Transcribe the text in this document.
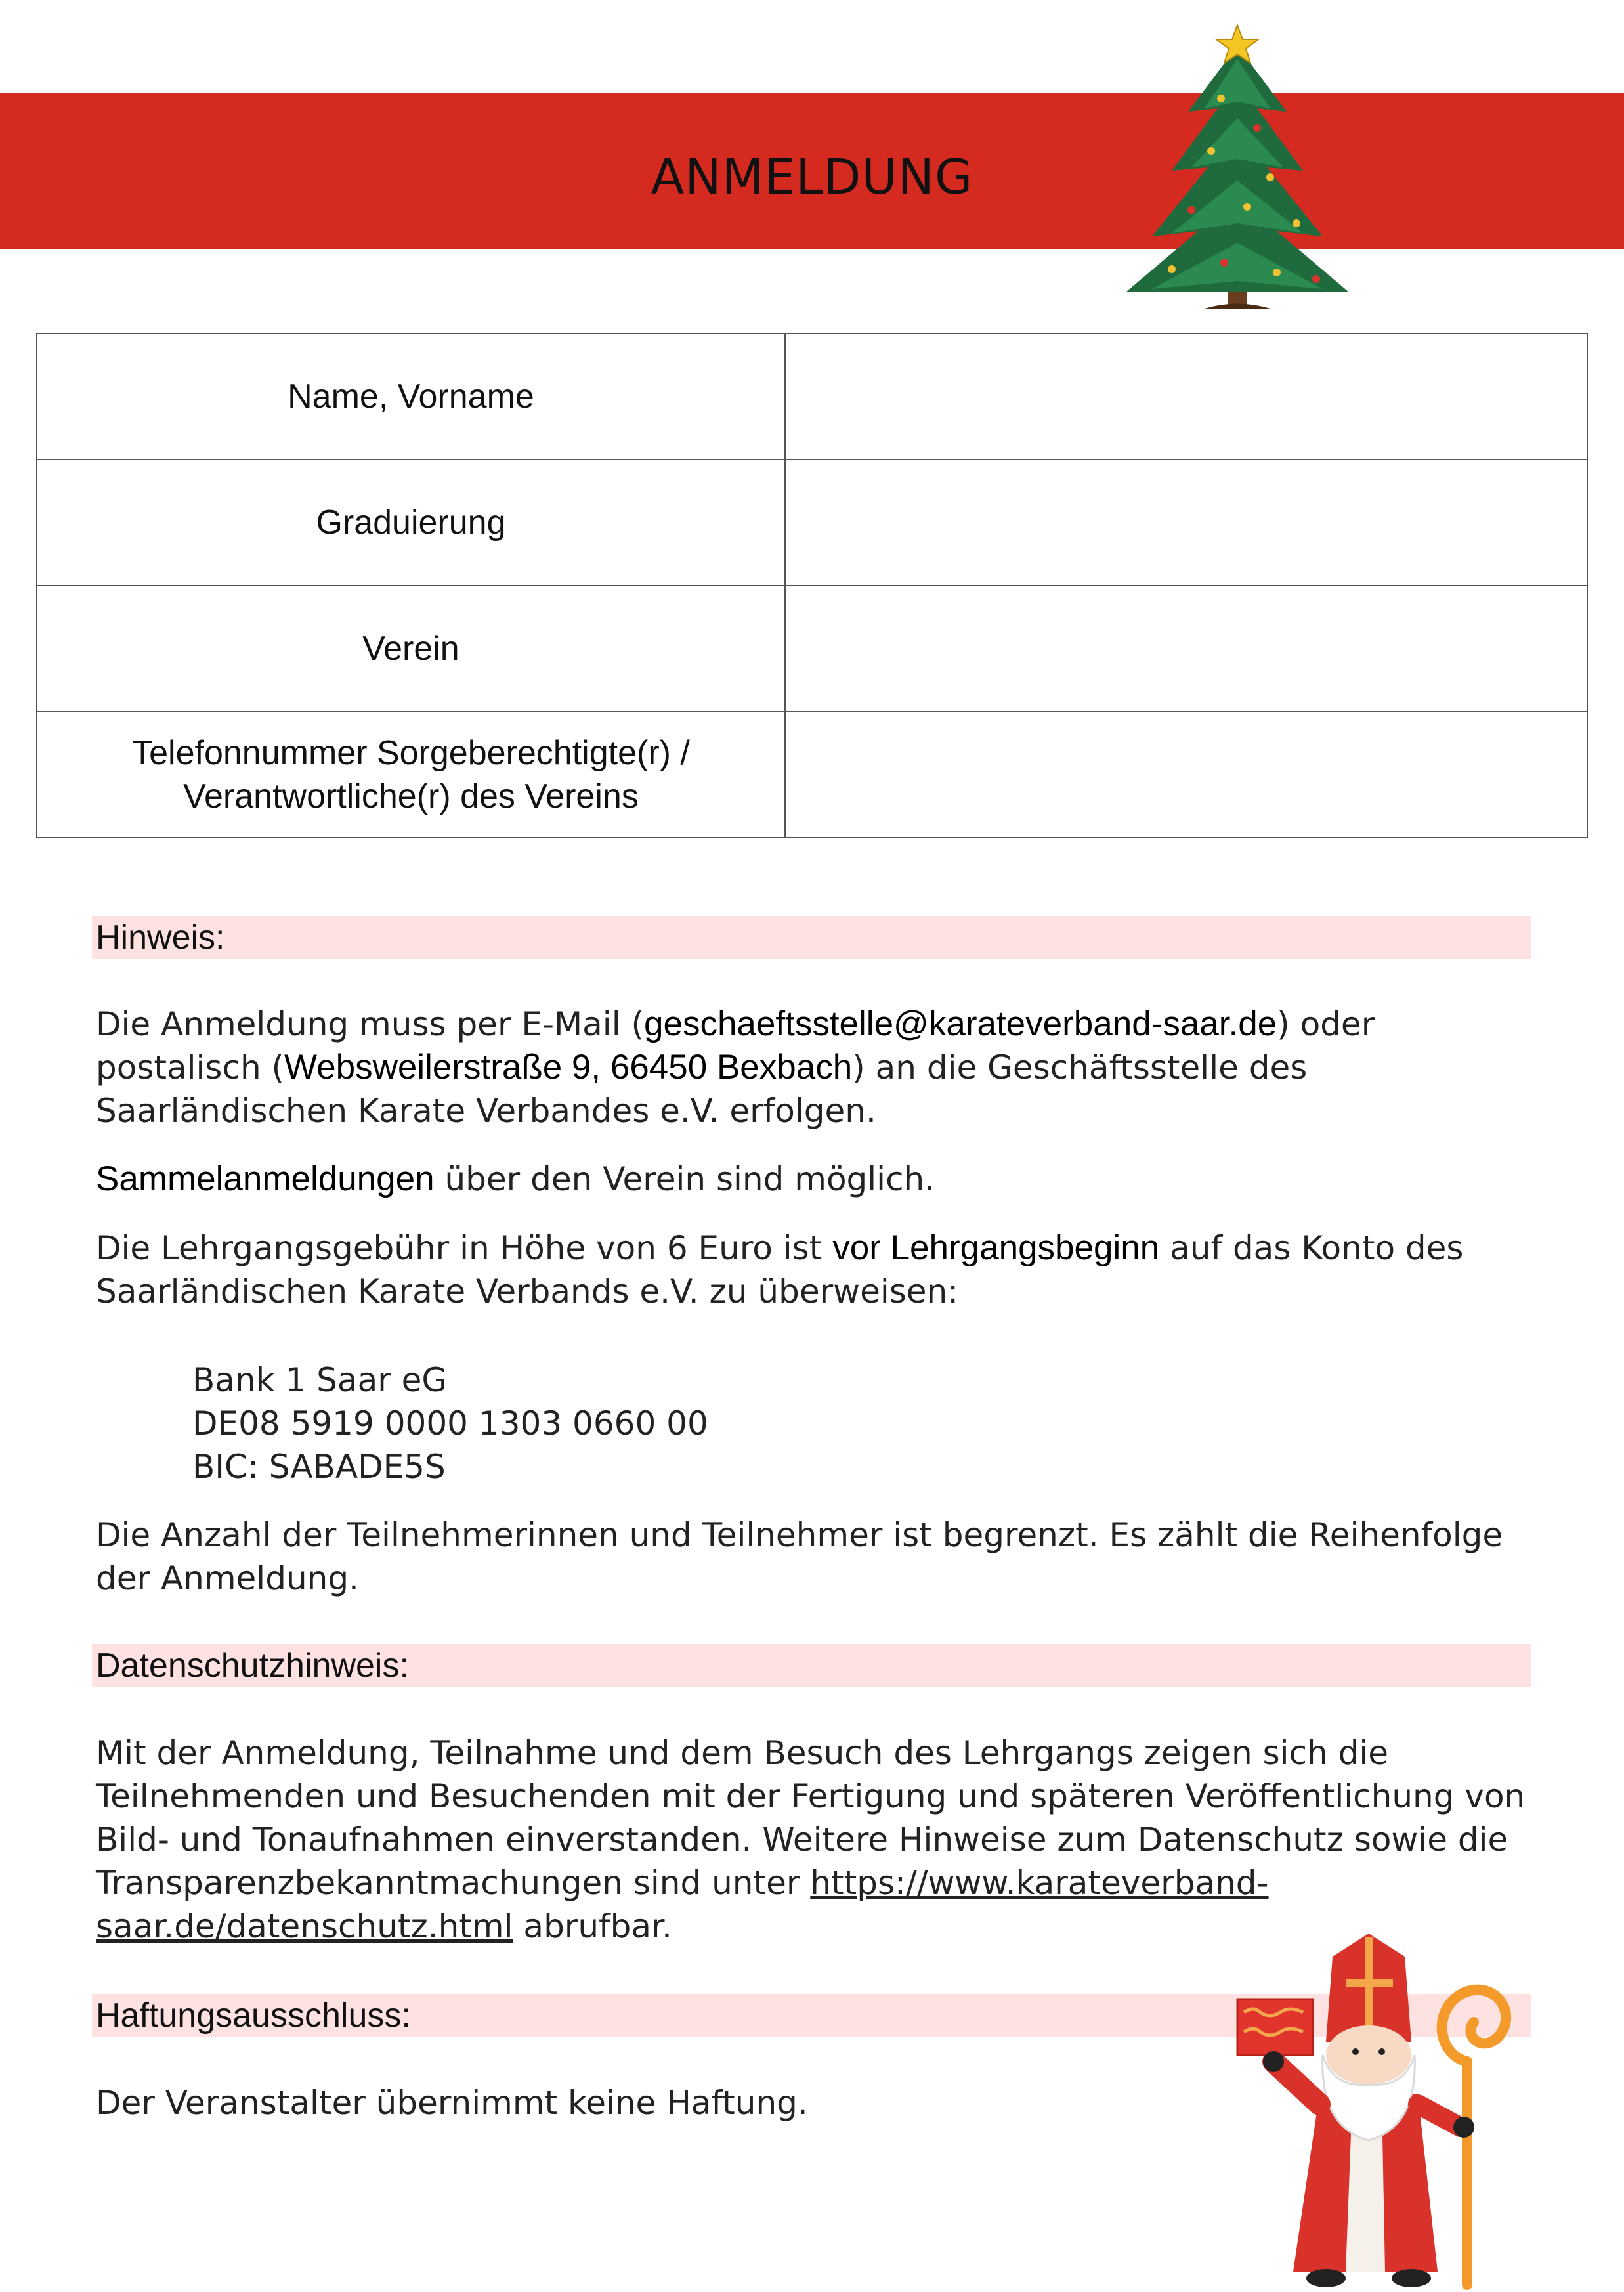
ANMELDUNG
Name, Vorname	

Graduierung	

Verein	

Telefonnummer Sorgeberechtigte(r) /
Verantwortliche(r) des Vereins	

Hinweis:

Die Anmeldung muss per E-Mail (geschaeftsstelle@karateverband-saar.de) oder postalisch (Websweilerstraße 9, 66450 Bexbach) an die Geschäftsstelle des Saarländischen Karate Verbandes e.V. erfolgen.

Sammelanmeldungen über den Verein sind möglich.

Die Lehrgangsgebühr in Höhe von 6 Euro ist vor Lehrgangsbeginn auf das Konto des Saarländischen Karate Verbands e.V. zu überweisen:

Bank 1 Saar eG
DE08 5919 0000 1303 0660 00
BIC: SABADE5S

Die Anzahl der Teilnehmerinnen und Teilnehmer ist begrenzt. Es zählt die Reihenfolge der Anmeldung.

Datenschutzhinweis:

Mit der Anmeldung, Teilnahme und dem Besuch des Lehrgangs zeigen sich die Teilnehmenden und Besuchenden mit der Fertigung und späteren Veröffentlichung von Bild- und Tonaufnahmen einverstanden. Weitere Hinweise zum Datenschutz sowie die Transparenzbekanntmachungen sind unter https://www.karateverband-saar.de/datenschutz.html abrufbar.

Haftungsausschluss:

Der Veranstalter übernimmt keine Haftung.
